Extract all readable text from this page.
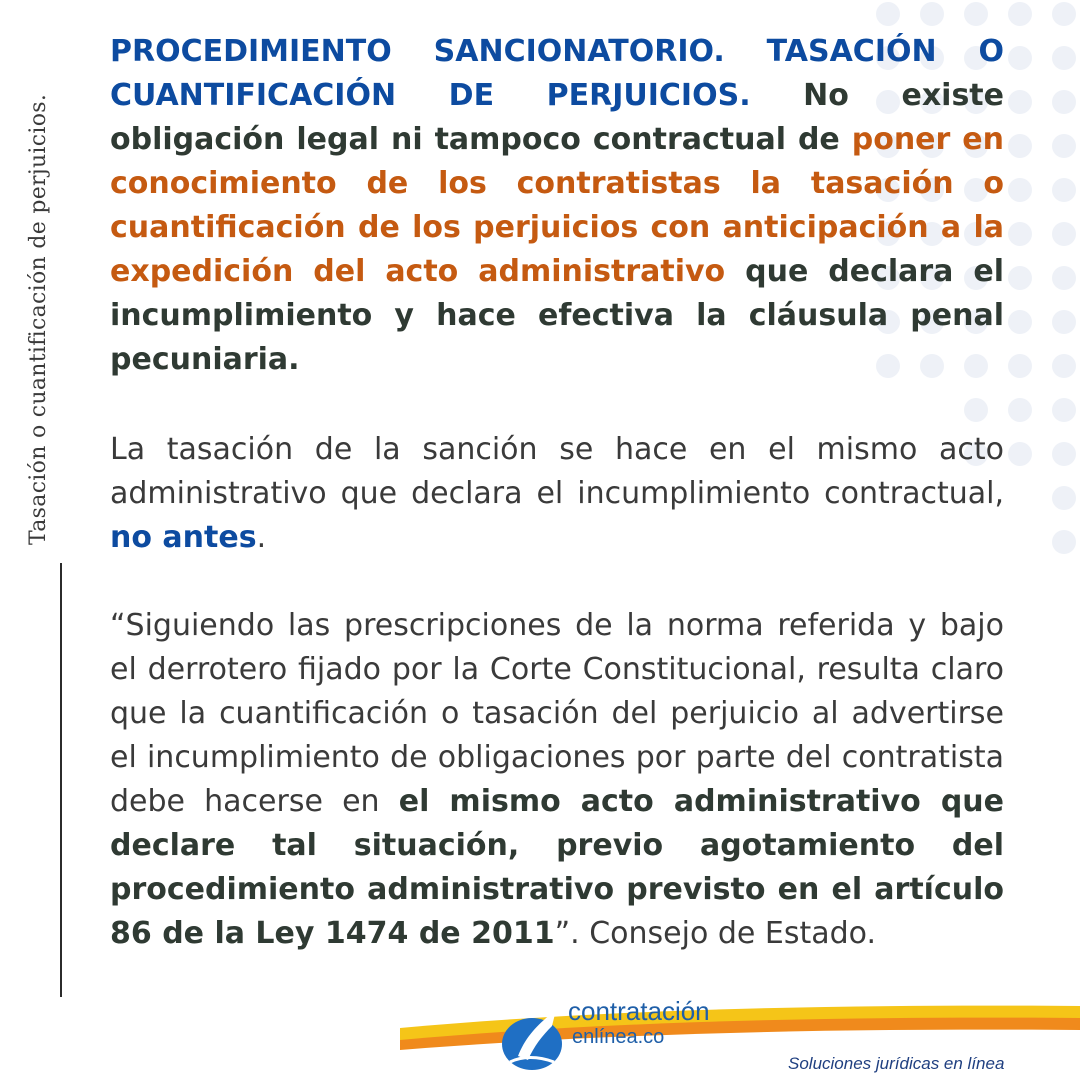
Tasación o cuantificación de perjuicios.

PROCEDIMIENTO SANCIONATORIO. TASACIÓN O CUANTIFICACIÓN DE PERJUICIOS. No existe obligación legal ni tampoco contractual de poner en conocimiento de los contratistas la tasación o cuantificación de los perjuicios con anticipación a la expedición del acto administrativo que declara el incumplimiento y hace efectiva la cláusula penal pecuniaria.

La tasación de la sanción se hace en el mismo acto administrativo que declara el incumplimiento contractual, no antes.

“Siguiendo las prescripciones de la norma referida y bajo el derrotero fijado por la Corte Constitucional, resulta claro que la cuantificación o tasación del perjuicio al advertirse el incumplimiento de obligaciones por parte del contratista debe hacerse en el mismo acto administrativo que declare tal situación, previo agotamiento del procedimiento administrativo previsto en el artículo 86 de la Ley 1474 de 2011”. Consejo de Estado.

contratación
enlínea.co
Soluciones jurídicas en línea
